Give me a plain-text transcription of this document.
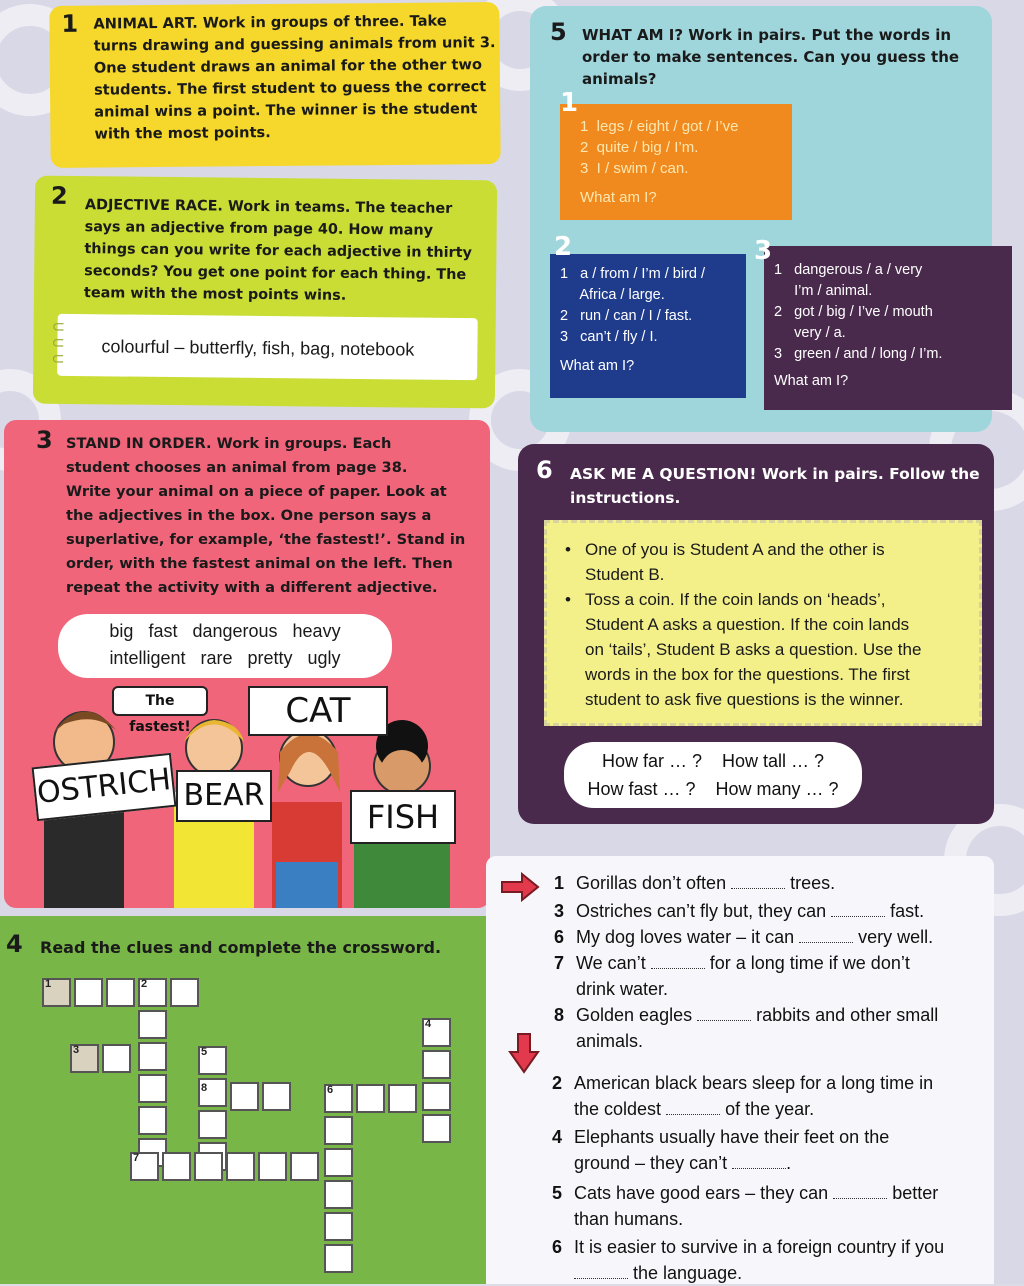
1 ANIMAL ART. Work in groups of three. Take
turns drawing and guessing animals from unit 3.
One student draws an animal for the other two
students. The first student to guess the correct
animal wins a point. The winner is the student
with the most points.
2 ADJECTIVE RACE. Work in teams. The teacher
says an adjective from page 40. How many
things can you write for each adjective in thirty
seconds? You get one point for each thing. The
team with the most points wins.
⊂
⊂
⊂ colourful – butterfly, fish, bag, notebook
3 STAND IN ORDER. Work in groups. Each
student chooses an animal from page 38.
Write your animal on a piece of paper. Look at
the adjectives in the box. One person says a
superlative, for example, ‘the fastest!’. Stand in
order, with the fastest animal on the left. Then
repeat the activity with a different adjective.
big   fast   dangerous   heavy
intelligent   rare   pretty   ugly
The fastest!	CAT
OSTRICH BEAR
FISH
4 Read the clues and complete the crossword.
1	2
3
4
5
6
7
8
5 WHAT AM I? Work in pairs. Put the words in
order to make sentences. Can you guess the
animals?
1  legs / eight / got / I’ve
2  quite / big / I’m.
3  I / swim / can.
What am I?
1
1   a / from / I’m / bird /
Africa / large.
2   run / can / I / fast.
3   can’t / fly / I.
What am I?
2
1   dangerous / a / very
I’m / animal.
2   got / big / I’ve / mouth
very / a.
3   green / and / long / I’m.
What am I?
3
6 ASK ME A QUESTION! Work in pairs. Follow the
instructions.
• One of you is Student A and the other is
Student B.
• Toss a coin. If the coin lands on ‘heads’,
Student A asks a question. If the coin lands
on ‘tails’, Student B asks a question. Use the
words in the box for the questions. The first
student to ask five questions is the winner.
How far … ?    How tall … ?
How fast … ?    How many … ?
1 Gorillas don’t often	trees.
3 Ostriches can’t fly but, they can	fast.
6 My dog loves water – it can	very well.
7 We can’t	for a long time if we don’t
drink water.
8 Golden eagles	rabbits and other small
animals.
2 American black bears sleep for a long time in
the coldest	of the year.
4 Elephants usually have their feet on the
ground – they can’t	.
5 Cats have good ears – they can	better
than humans.
6 It is easier to survive in a foreign country if you
the language.
